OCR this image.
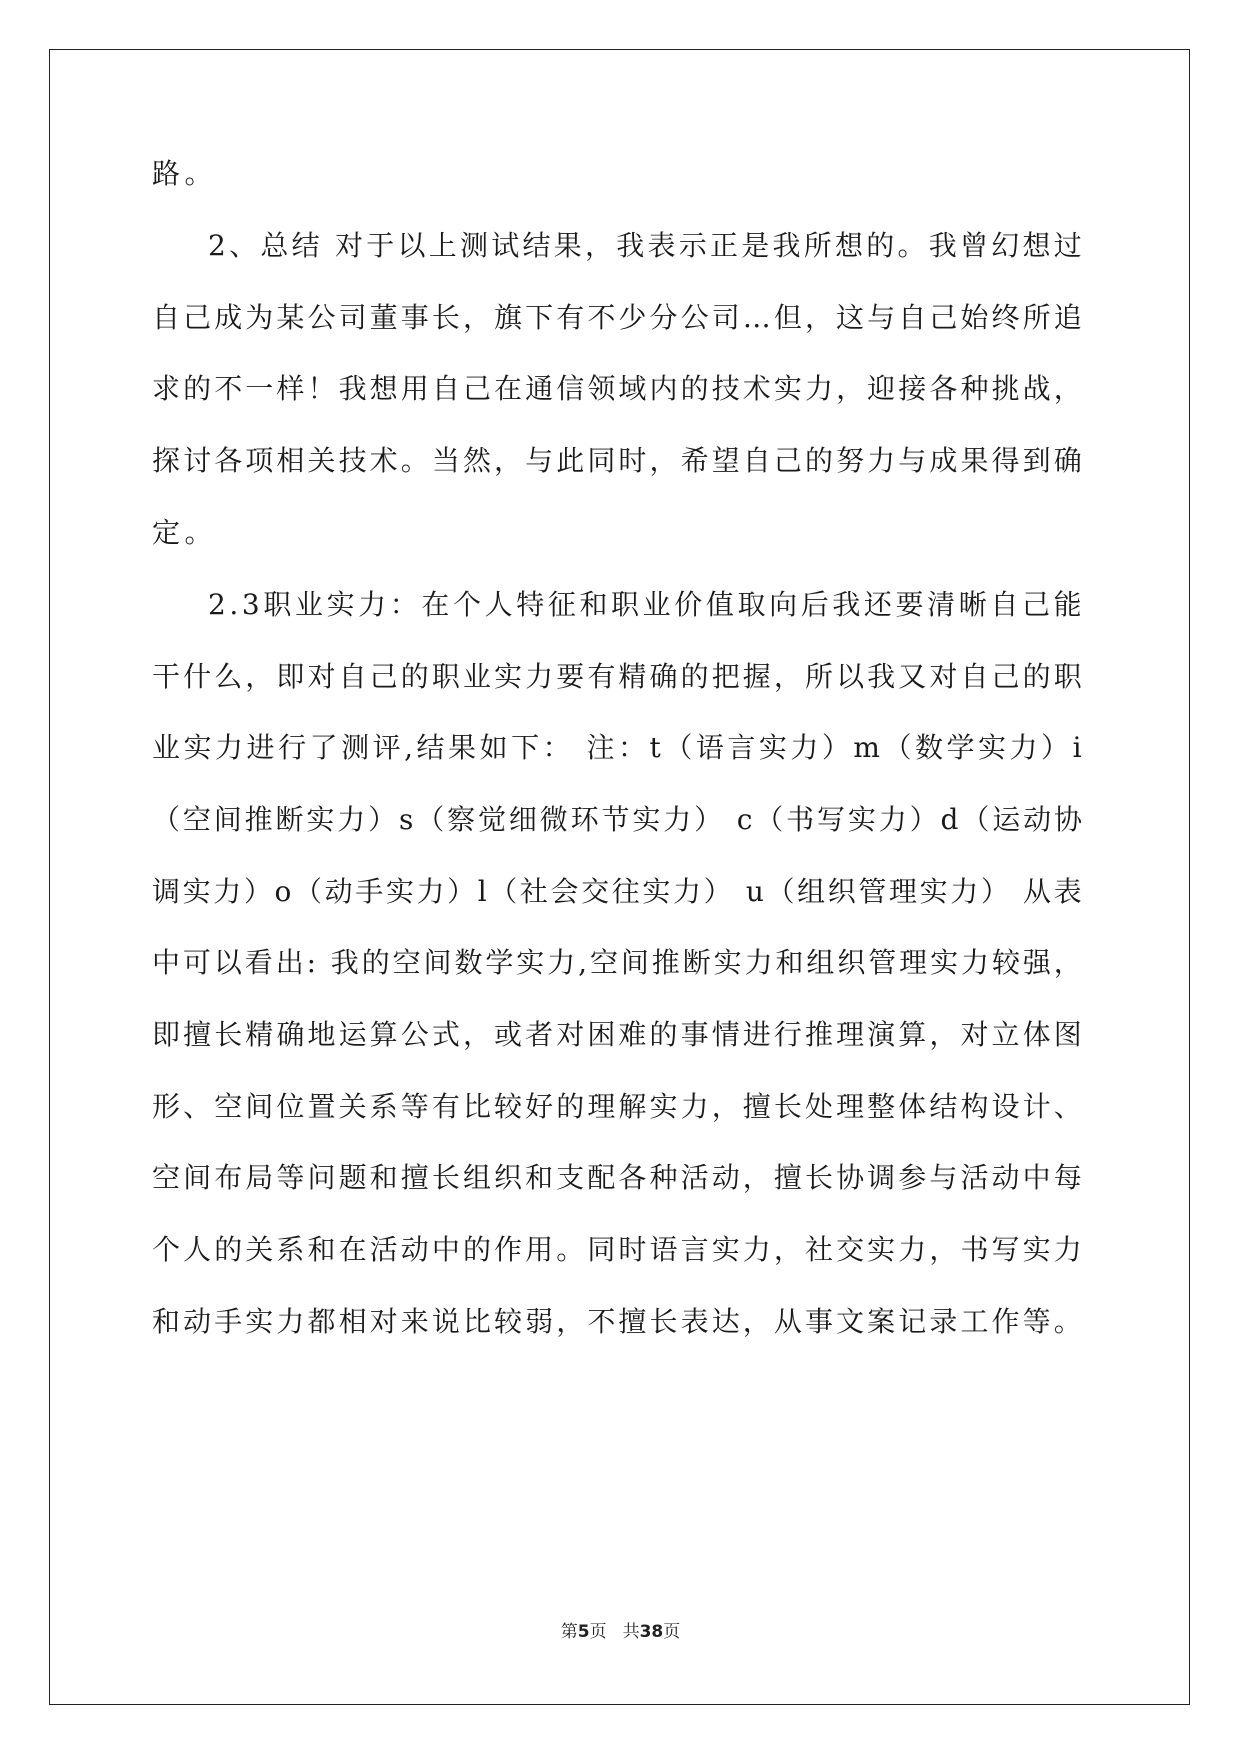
路。
2 、 总 结
对 于 以 上 测 试 结 果 ， 我 表 示 正 是 我 所 想 的 。 我 曾 幻 想 过
自 己 成 为 某 公 司 董 事 长 ， 旗 下 有 不 少 分 公 司 … 但 ， 这 与 自 己 始 终 所 追
求 的 不 一 样 ！ 我 想 用 自 己 在 通 信 领 域 内 的 技 术 实 力 ， 迎 接 各 种 挑 战 ，
探 讨 各 项 相 关 技 术 。 当 然 ， 与 此 同 时 ， 希 望 自 己 的 努 力 与 成 果 得 到 确
定。
2 . 3 职 业 实 力 ： 在 个 人 特 征 和 职 业 价 值 取 向 后 我 还 要 清 晰 自 己 能
干 什 么 ， 即 对 自 己 的 职 业 实 力 要 有 精 确 的 把 握 ， 所 以 我 又 对 自 己 的 职
业 实 力 进 行 了 测 评 , 结 果 如 下 ：
注 ： t （ 语 言 实 力 ） m （ 数 学 实 力 ） i
（ 空 间 推 断 实 力 ） s （ 察 觉 细 微 环 节 实 力 ）
c （ 书 写 实 力 ） d （ 运 动 协
调 实 力 ） o （ 动 手 实 力 ） l （ 社 会 交 往 实 力 ）
u （ 组 织 管 理 实 力 ）
从 表
中 可 以 看 出 :
我 的 空 间 数 学 实 力 , 空 间 推 断 实 力 和 组 织 管 理 实 力 较 强 ，
即 擅 长 精 确 地 运 算 公 式 ， 或 者 对 困 难 的 事 情 进 行 推 理 演 算 ， 对 立 体 图
形 、 空 间 位 置 关 系 等 有 比 较 好 的 理 解 实 力 ， 擅 长 处 理 整 体 结 构 设 计 、
空 间 布 局 等 问 题 和 擅 长 组 织 和 支 配 各 种 活 动 ， 擅 长 协 调 参 与 活 动 中 每
个 人 的 关 系 和 在 活 动 中 的 作 用 。 同 时 语 言 实 力 ， 社 交 实 力 ， 书 写 实 力
和 动 手 实 力 都 相 对 来 说 比 较 弱 ， 不 擅 长 表 达 ， 从 事 文 案 记 录 工 作 等 。
第5页 共38页
